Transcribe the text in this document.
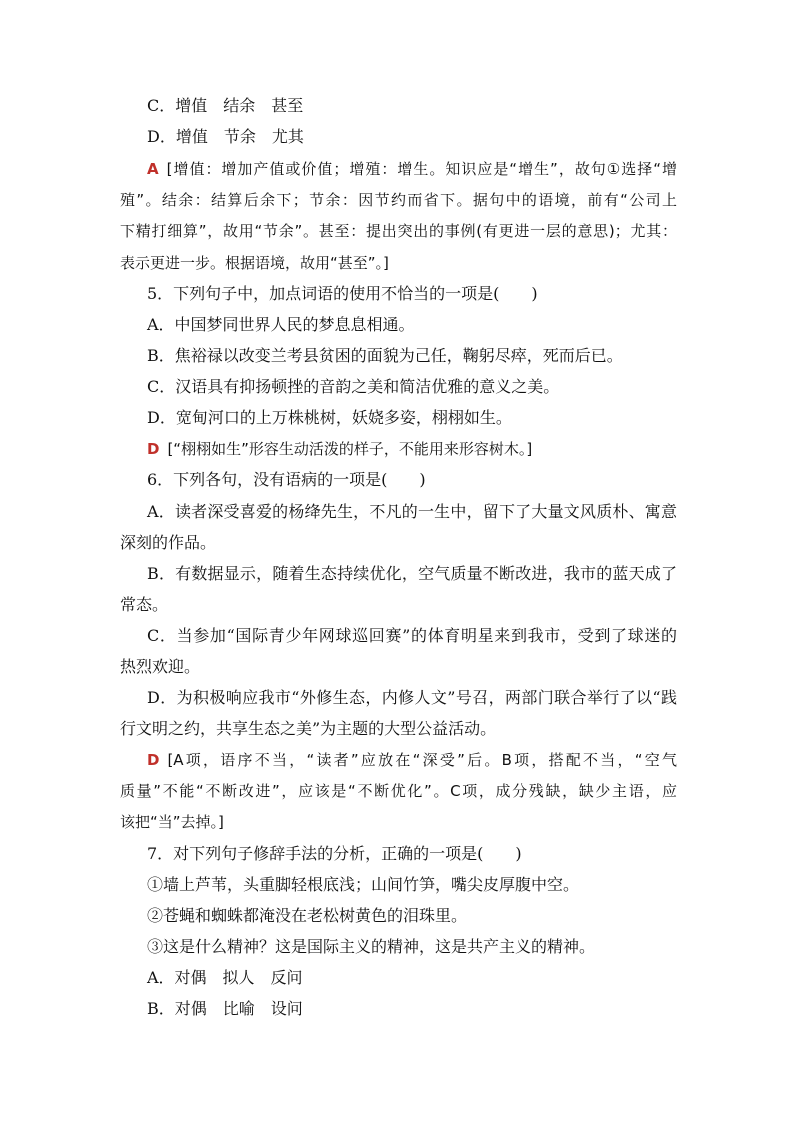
C．增值　结余　甚至
D．增值　节余　尤其
A [增值：增加产值或价值；增殖：增生。知识应是“增生”，故句①选择“增
殖”。结余：结算后余下；节余：因节约而省下。据句中的语境，前有“公司上
下精打细算”，故用“节余”。甚至：提出突出的事例(有更进一层的意思)；尤其：
表示更进一步。根据语境，故用“甚至”。]
5．下列句子中，加点词语的使用不恰当的一项是(　　)
A．中国梦同世界人民的梦息息相通。
B．焦裕禄以改变兰考县贫困的面貌为己任，鞠躬尽瘁，死而后已。
C．汉语具有抑扬顿挫的音韵之美和简洁优雅的意义之美。
D．宽甸河口的上万株桃树，妖娆多姿，栩栩如生。
D [“栩栩如生”形容生动活泼的样子，不能用来形容树木。]
6．下列各句，没有语病的一项是(　　)
A．读者深受喜爱的杨绛先生，不凡的一生中，留下了大量文风质朴、寓意
深刻的作品。
B．有数据显示，随着生态持续优化，空气质量不断改进，我市的蓝天成了
常态。
C．当参加“国际青少年网球巡回赛”的体育明星来到我市，受到了球迷的
热烈欢迎。
D．为积极响应我市“外修生态，内修人文”号召，两部门联合举行了以“践
行文明之约，共享生态之美”为主题的大型公益活动。
D [A项，语序不当，“读者”应放在“深受”后。B项，搭配不当，“空气
质量”不能“不断改进”，应该是“不断优化”。C项，成分残缺，缺少主语，应
该把“当”去掉。]
7．对下列句子修辞手法的分析，正确的一项是(　　)
①墙上芦苇，头重脚轻根底浅；山间竹笋，嘴尖皮厚腹中空。
②苍蝇和蜘蛛都淹没在老松树黄色的泪珠里。
③这是什么精神？这是国际主义的精神，这是共产主义的精神。
A．对偶　拟人　反问
B．对偶　比喻　设问
